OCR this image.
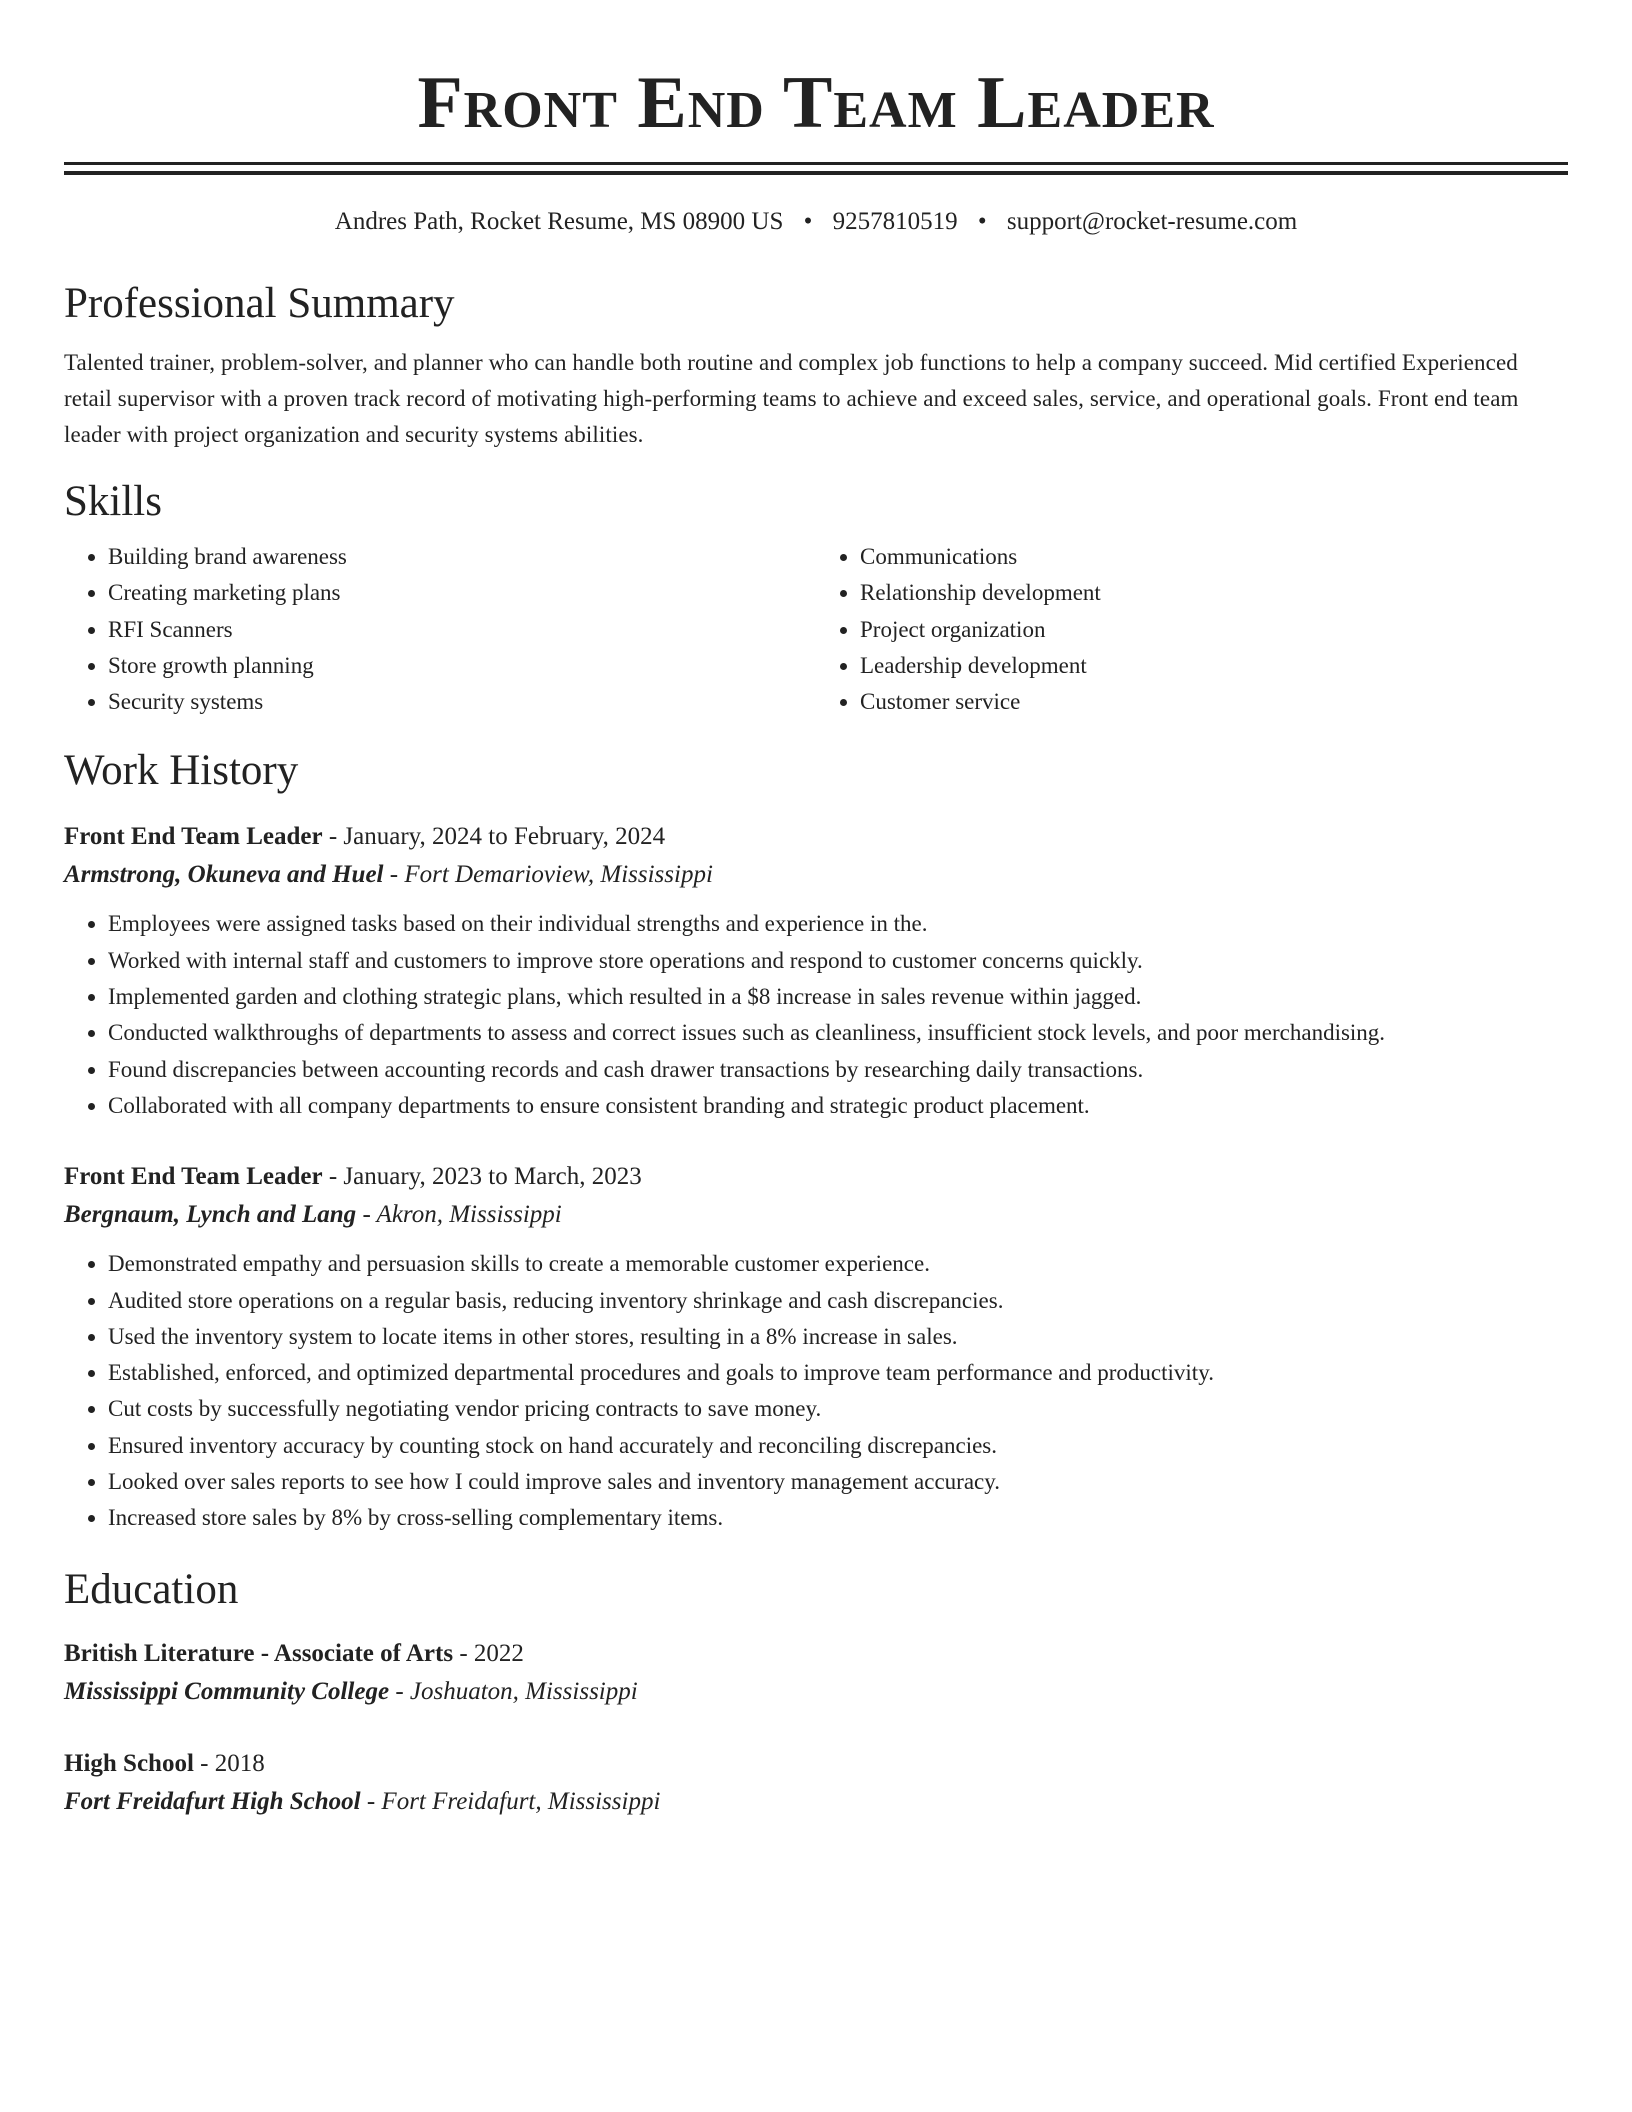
Front End Team Leader
Andres Path, Rocket Resume, MS 08900 US • 9257810519 • support@rocket-resume.com
Professional Summary
Talented trainer, problem-solver, and planner who can handle both routine and complex job functions to help a company succeed. Mid certified Experienced retail supervisor with a proven track record of motivating high-performing teams to achieve and exceed sales, service, and operational goals. Front end team leader with project organization and security systems abilities.
Skills
• Building brand awareness
• Creating marketing plans
• RFI Scanners
• Store growth planning
• Security systems
• Communications
• Relationship development
• Project organization
• Leadership development
• Customer service
Work History
Front End Team Leader - January, 2024 to February, 2024
Armstrong, Okuneva and Huel - Fort Demarioview, Mississippi
• Employees were assigned tasks based on their individual strengths and experience in the.
• Worked with internal staff and customers to improve store operations and respond to customer concerns quickly.
• Implemented garden and clothing strategic plans, which resulted in a $8 increase in sales revenue within jagged.
• Conducted walkthroughs of departments to assess and correct issues such as cleanliness, insufficient stock levels, and poor merchandising.
• Found discrepancies between accounting records and cash drawer transactions by researching daily transactions.
• Collaborated with all company departments to ensure consistent branding and strategic product placement.
Front End Team Leader - January, 2023 to March, 2023
Bergnaum, Lynch and Lang - Akron, Mississippi
• Demonstrated empathy and persuasion skills to create a memorable customer experience.
• Audited store operations on a regular basis, reducing inventory shrinkage and cash discrepancies.
• Used the inventory system to locate items in other stores, resulting in a 8% increase in sales.
• Established, enforced, and optimized departmental procedures and goals to improve team performance and productivity.
• Cut costs by successfully negotiating vendor pricing contracts to save money.
• Ensured inventory accuracy by counting stock on hand accurately and reconciling discrepancies.
• Looked over sales reports to see how I could improve sales and inventory management accuracy.
• Increased store sales by 8% by cross-selling complementary items.
Education
British Literature - Associate of Arts - 2022
Mississippi Community College - Joshuaton, Mississippi
High School - 2018
Fort Freidafurt High School - Fort Freidafurt, Mississippi
